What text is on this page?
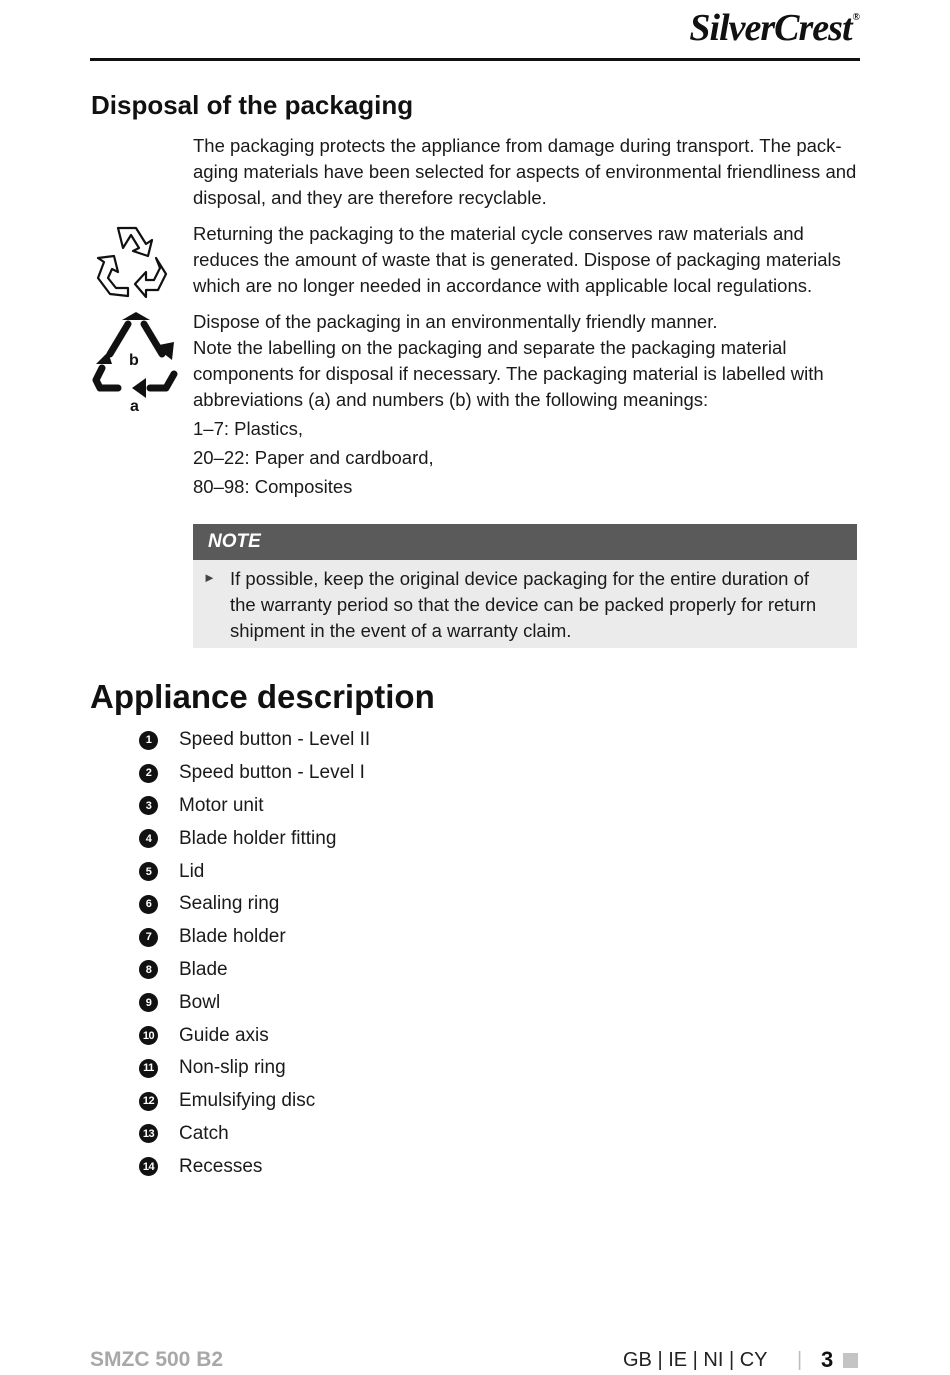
SilverCrest®
Disposal of the packaging

The packaging protects the appliance from damage during transport. The pack-
aging materials have been selected for aspects of environmental friendliness and
disposal, and they are therefore recyclable.

Returning the packaging to the material cycle conserves raw materials and
reduces the amount of waste that is generated. Dispose of packaging materials
which are no longer needed in accordance with applicable local regulations.

b
a

Dispose of the packaging in an environmentally friendly manner.
Note the labelling on the packaging and separate the packaging material
components for disposal if necessary. The packaging material is labelled with
abbreviations (a) and numbers (b) with the following meanings:

1–7: Plastics,

20–22: Paper and cardboard,

80–98: Composites

NOTE
► If possible, keep the original device packaging for the entire duration of
the warranty period so that the device can be packed properly for return
shipment in the event of a warranty claim.

Appliance description
1	Speed button - Level II
2	Speed button - Level I
3	Motor unit
4	Blade holder fitting
5	Lid
6	Sealing ring
7	Blade holder
8	Blade
9	Bowl
10 Guide axis
11 Non-slip ring
12 Emulsifying disc
13 Catch
14 Recesses
SMZC 500 B2	GB | IE | NI | CY | 3
